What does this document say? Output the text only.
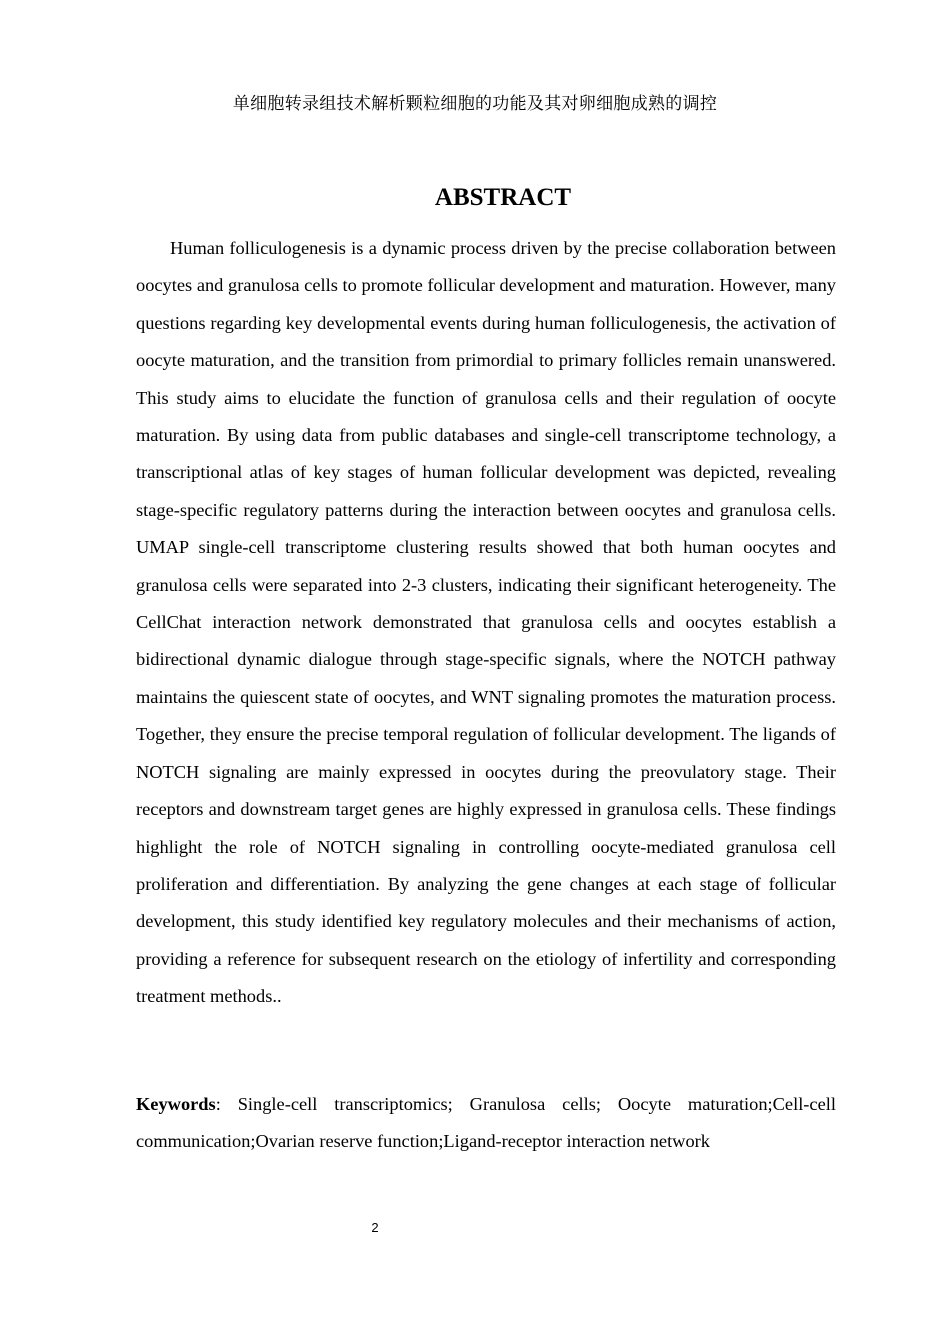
单细胞转录组技术解析颗粒细胞的功能及其对卵细胞成熟的调控
ABSTRACT

Human folliculogenesis is a dynamic process driven by the precise collaboration between oocytes and granulosa cells to promote follicular development and maturation. However, many questions regarding key developmental events during human folliculogenesis, the activation of oocyte maturation, and the transition from primordial to primary follicles remain unanswered. This study aims to elucidate the function of granulosa cells and their regulation of oocyte maturation. By using data from public databases and single-cell transcriptome technology, a transcriptional atlas of key stages of human follicular development was depicted, revealing stage-specific regulatory patterns during the interaction between oocytes and granulosa cells. UMAP single-cell transcriptome clustering results showed that both human oocytes and granulosa cells were separated into 2-3 clusters, indicating their significant heterogeneity. The CellChat interaction network demonstrated that granulosa cells and oocytes establish a bidirectional dynamic dialogue through stage-specific signals, where the NOTCH pathway maintains the quiescent state of oocytes, and WNT signaling promotes the maturation process. Together, they ensure the precise temporal regulation of follicular development. The ligands of NOTCH signaling are mainly expressed in oocytes during the preovulatory stage. Their receptors and downstream target genes are highly expressed in granulosa cells. These findings highlight the role of NOTCH signaling in controlling oocyte-mediated granulosa cell proliferation and differentiation. By analyzing the gene changes at each stage of follicular development, this study identified key regulatory molecules and their mechanisms of action, providing a reference for subsequent research on the etiology of infertility and corresponding treatment methods..

Keywords: Single-cell transcriptomics; Granulosa cells; Oocyte maturation;Cell-cell communication;Ovarian reserve function;Ligand-receptor interaction network

2
